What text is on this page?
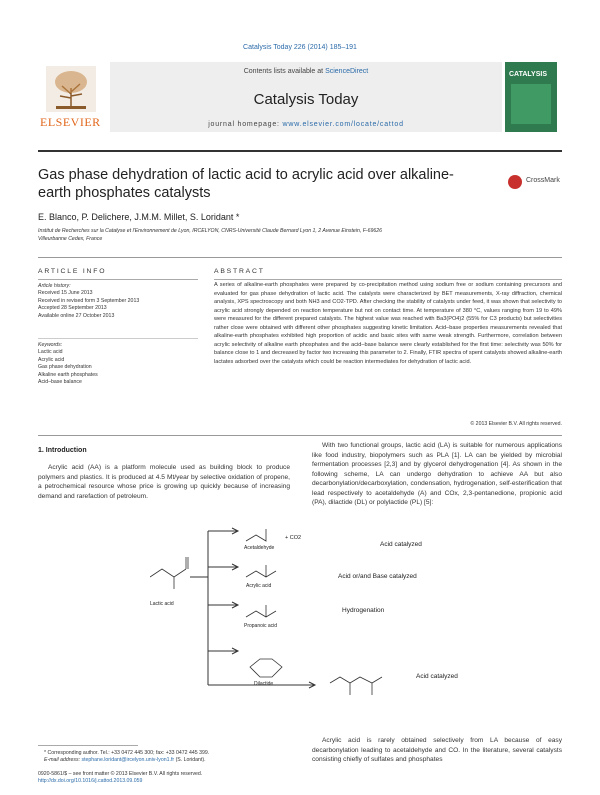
Catalysis Today 226 (2014) 185–191
ELSEVIER
Contents lists available at ScienceDirect
Catalysis Today
journal homepage: www.elsevier.com/locate/cattod
CATALYSIS
Gas phase dehydration of lactic acid to acrylic acid over alkaline-earth phosphates catalysts
CrossMark
E. Blanco, P. Delichere, J.M.M. Millet, S. Loridant *
Institut de Recherches sur la Catalyse et l'Environnement de Lyon, IRCELYON, CNRS-Université Claude Bernard Lyon 1, 2 Avenue Einstein, F-69626
Villeurbanne Cedex, France
ARTICLE INFO
Article history:
Received 15 June 2013
Received in revised form 3 September 2013
Accepted 28 September 2013
Available online 27 October 2013
Keywords:
Lactic acid
Acrylic acid
Gas phase dehydration
Alkaline earth phosphates
Acid–base balance
ABSTRACT
A series of alkaline-earth phosphates were prepared by co-precipitation method using sodium free or sodium containing precursors and evaluated for gas phase dehydration of lactic acid. The catalysts were characterized by BET measurements, X-ray diffraction, chemical analysis, XPS spectroscopy and both NH3 and CO2-TPD. After checking the stability of catalysts under feed, it was shown that selectivity to acrylic acid strongly depended on reaction temperature but not on contact time. At temperature of 380 °C, values ranging from 19 to 49% were measured for the different prepared catalysts. The highest value was reached with Ba3(PO4)2 (55% for C3 products) but selectivities rather close were obtained with different other phosphates suggesting kinetic limitation. Acid–base properties measurements revealed that alkaline-earth phosphates exhibited high proportion of acidic and basic sites with same weak strength. Furthermore, correlation between acrylic selectivity of alkaline earth phosphates and the acid–base balance were clearly established for the first time: selectivity was 50% for balance close to 1 and decreased by factor two increasing this parameter to 2. Finally, FTIR spectra of spent catalysts showed alkaline-earth lactates adsorbed over the catalysts which could be reaction intermediates for dehydration of lactic acid.
© 2013 Elsevier B.V. All rights reserved.
1. Introduction
Acrylic acid (AA) is a platform molecule used as building block to produce polymers and plastics. It is produced at 4.5 Mt/year by selective oxidation of propene, a petrochemical resource whose price is growing up quickly because of increasing demand and rarefaction of petroleum.
With two functional groups, lactic acid (LA) is suitable for numerous applications like food industry, biopolymers such as PLA [1]. LA can be yielded by microbial fermentation processes [2,3] and by glycerol dehydrogenation [4]. As shown in the following scheme, LA can undergo dehydration to achieve AA but also decarbonylation/decarboxylation, condensation, hydrogenation, self-esterification that lead respectively to acetaldehyde (A) and COx, 2,3-pentanedione, propionic acid (PA), dilactide (DL) or polylactide (PL) [5]:
Lactic acid
+ CO2
Acetaldehyde
Acrylic acid
Propanoic acid
Dilactide
Acid catalyzed
Acid or/and Base catalyzed
Hydrogenation
Acid catalyzed
Acrylic acid is rarely obtained selectively from LA because of easy decarbonylation leading to acetaldehyde and CO. In the literature, several catalysts consisting chiefly of sulfates and phosphates
* Corresponding author. Tel.: +33 0472 445 300; fax: +33 0472 445 399.
E-mail address: stephane.loridant@ircelyon.univ-lyon1.fr (S. Loridant).
0920-5861/$ – see front matter © 2013 Elsevier B.V. All rights reserved.
http://dx.doi.org/10.1016/j.cattod.2013.09.059
